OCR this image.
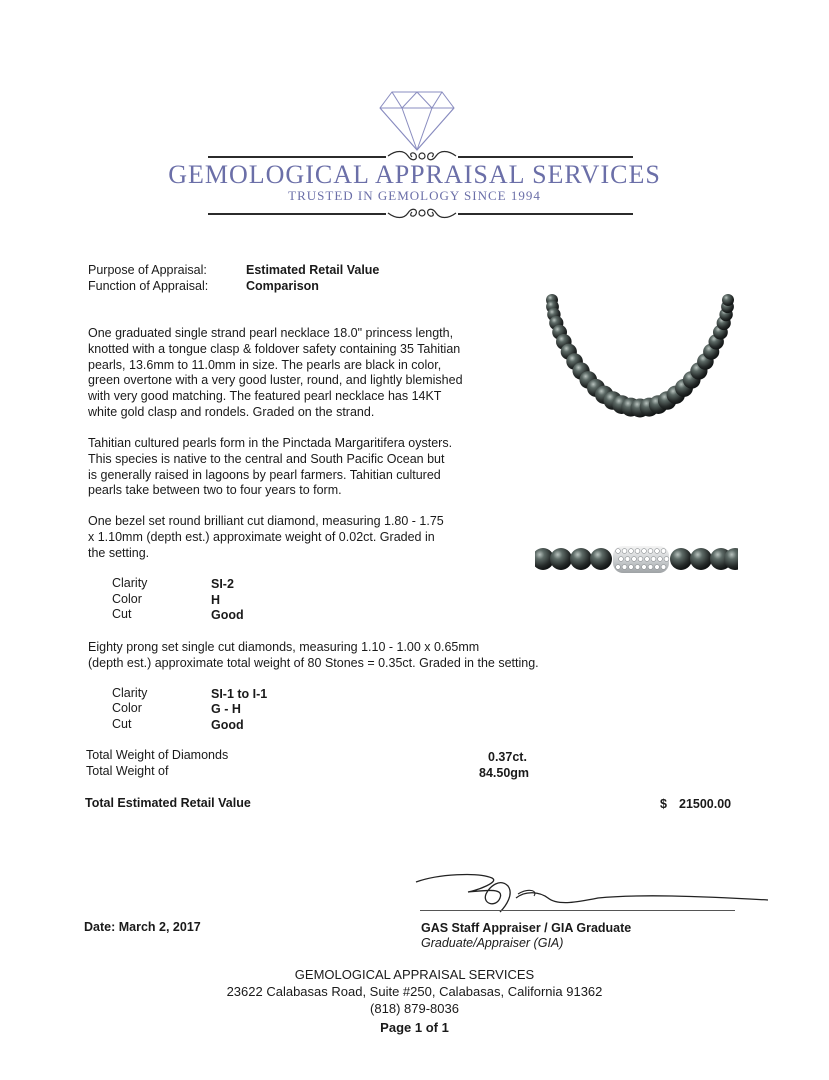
GEMOLOGICAL APPRAISAL SERVICES
TRUSTED IN GEMOLOGY SINCE 1994
Purpose of Appraisal:	Estimated Retail Value
Function of Appraisal:	Comparison
One graduated single strand pearl necklace 18.0" princess length,
knotted with a tongue clasp & foldover safety containing 35 Tahitian
pearls, 13.6mm to 11.0mm in size. The pearls are black in color,
green overtone with a very good luster, round, and lightly blemished
with very good matching. The featured pearl necklace has 14KT
white gold clasp and rondels. Graded on the strand.
Tahitian cultured pearls form in the Pinctada Margaritifera oysters.
This species is native to the central and South Pacific Ocean but
is generally raised in lagoons by pearl farmers. Tahitian cultured
pearls take between two to four years to form.
One bezel set round brilliant cut diamond, measuring 1.80 - 1.75
x 1.10mm (depth est.) approximate weight of 0.02ct. Graded in
the setting.
Clarity	SI-2
Color	H
Cut	Good
Eighty prong set single cut diamonds, measuring 1.10 - 1.00 x 0.65mm
(depth est.) approximate total weight of 80 Stones = 0.35ct. Graded in the setting.
Clarity	SI-1 to I-1
Color	G - H
Cut	Good
Total Weight of Diamonds	0.37ct.
Total Weight of	84.50gm
Total Estimated Retail Value	$ 21500.00
Date: March 2, 2017	GAS Staff Appraiser / GIA Graduate
Graduate/Appraiser (GIA)
GEMOLOGICAL APPRAISAL SERVICES
23622 Calabasas Road, Suite #250, Calabasas, California 91362
(818) 879-8036
Page 1 of 1
